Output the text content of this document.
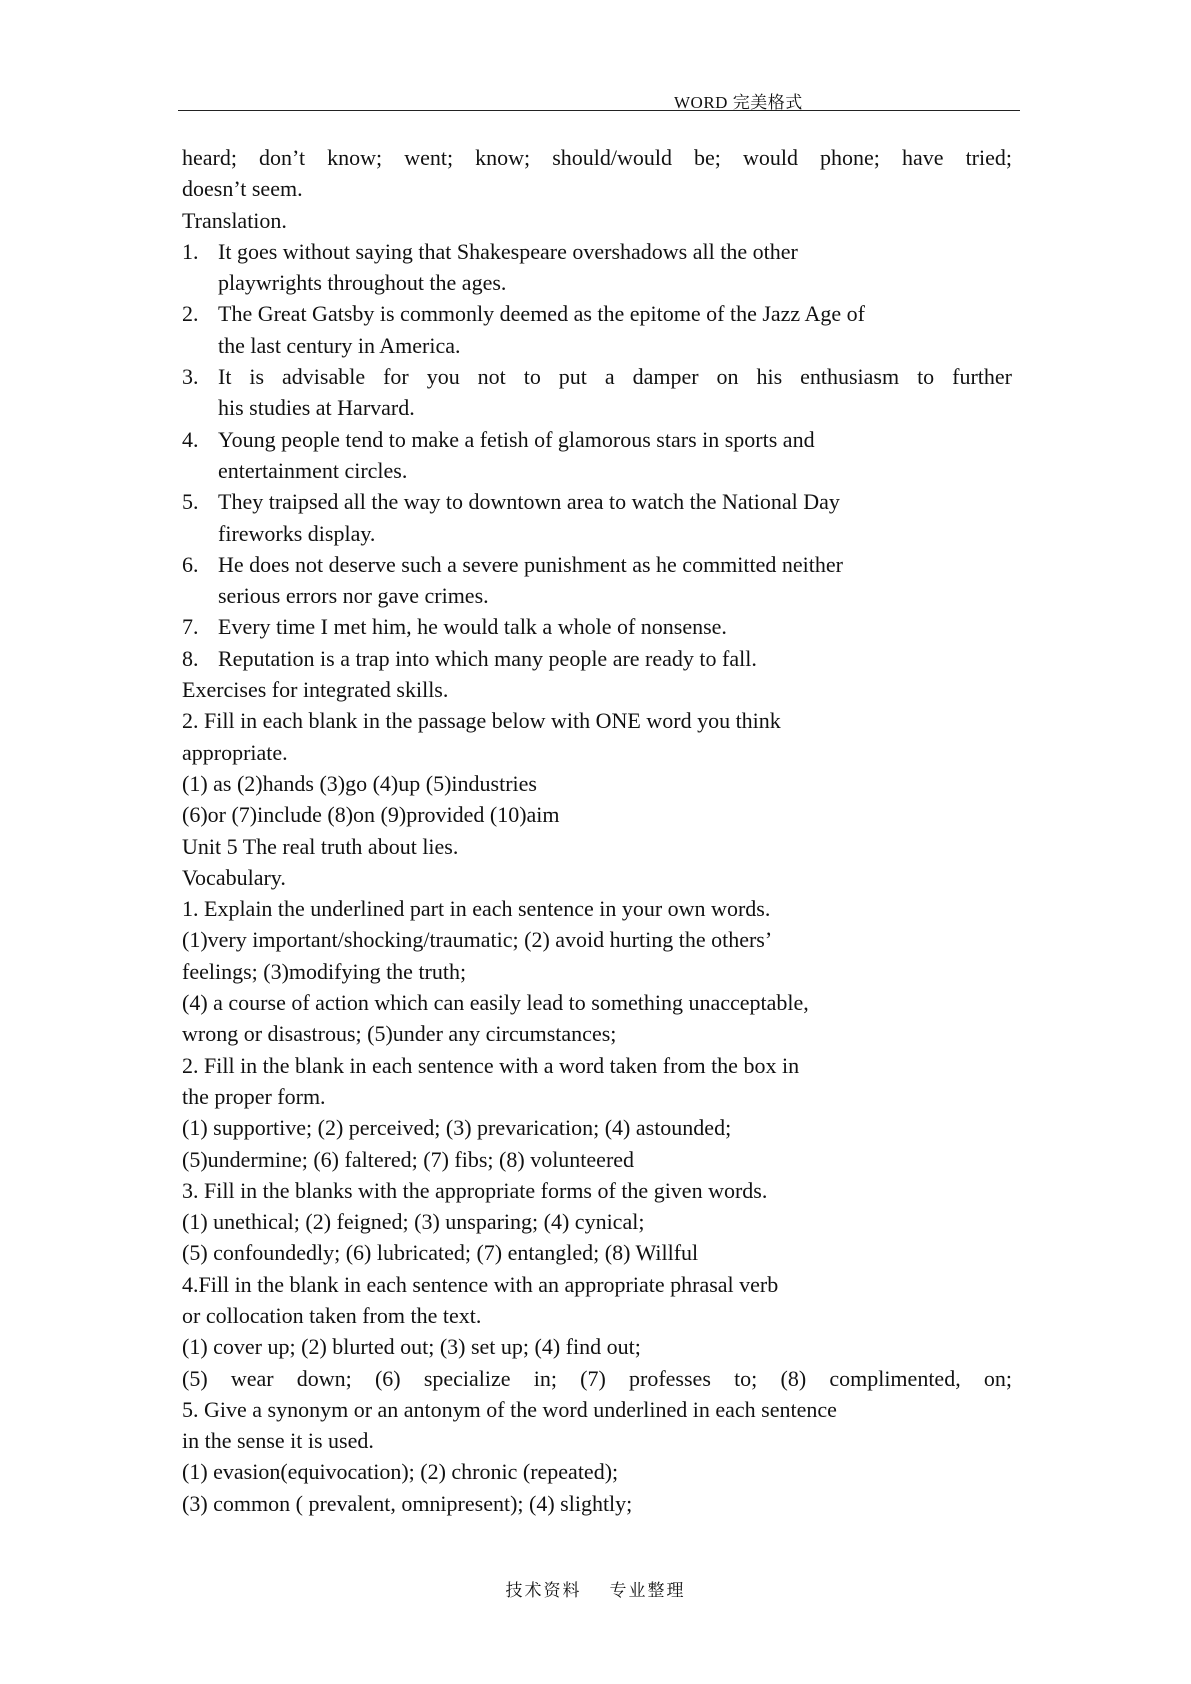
WORD 完美格式
heard; don’t know; went; know; should/would be; would phone; have tried;
doesn’t seem.
Translation.
1. It goes without saying that Shakespeare overshadows all the other
playwrights throughout the ages.
2. The Great Gatsby is commonly deemed as the epitome of the Jazz Age of
the last century in America.
3. It is advisable for you not to put a damper on his enthusiasm to further
his studies at Harvard.
4. Young people tend to make a fetish of glamorous stars in sports and
entertainment circles.
5. They traipsed all the way to downtown area to watch the National Day
fireworks display.
6. He does not deserve such a severe punishment as he committed neither
serious errors nor gave crimes.
7. Every time I met him, he would talk a whole of nonsense.
8. Reputation is a trap into which many people are ready to fall.
Exercises for integrated skills.
2. Fill in each blank in the passage below with ONE word you think
appropriate.
(1) as (2)hands (3)go (4)up (5)industries
(6)or (7)include (8)on (9)provided (10)aim
Unit 5 The real truth about lies.
Vocabulary.
1. Explain the underlined part in each sentence in your own words.
(1)very important/shocking/traumatic; (2) avoid hurting the others’
feelings; (3)modifying the truth;
(4) a course of action which can easily lead to something unacceptable,
wrong or disastrous; (5)under any circumstances;
2. Fill in the blank in each sentence with a word taken from the box in
the proper form.
(1) supportive; (2) perceived; (3) prevarication; (4) astounded;
(5)undermine; (6) faltered; (7) fibs; (8) volunteered
3. Fill in the blanks with the appropriate forms of the given words.
(1) unethical; (2) feigned; (3) unsparing; (4) cynical;
(5) confoundedly; (6) lubricated; (7) entangled; (8) Willful
4.Fill in the blank in each sentence with an appropriate phrasal verb
or collocation taken from the text.
(1) cover up; (2) blurted out; (3) set up; (4) find out;
(5) wear down; (6) specialize in; (7) professes to; (8) complimented, on;
5. Give a synonym or an antonym of the word underlined in each sentence
in the sense it is used.
(1) evasion(equivocation); (2) chronic (repeated);
(3) common ( prevalent, omnipresent); (4) slightly;
技术资料 专业整理
